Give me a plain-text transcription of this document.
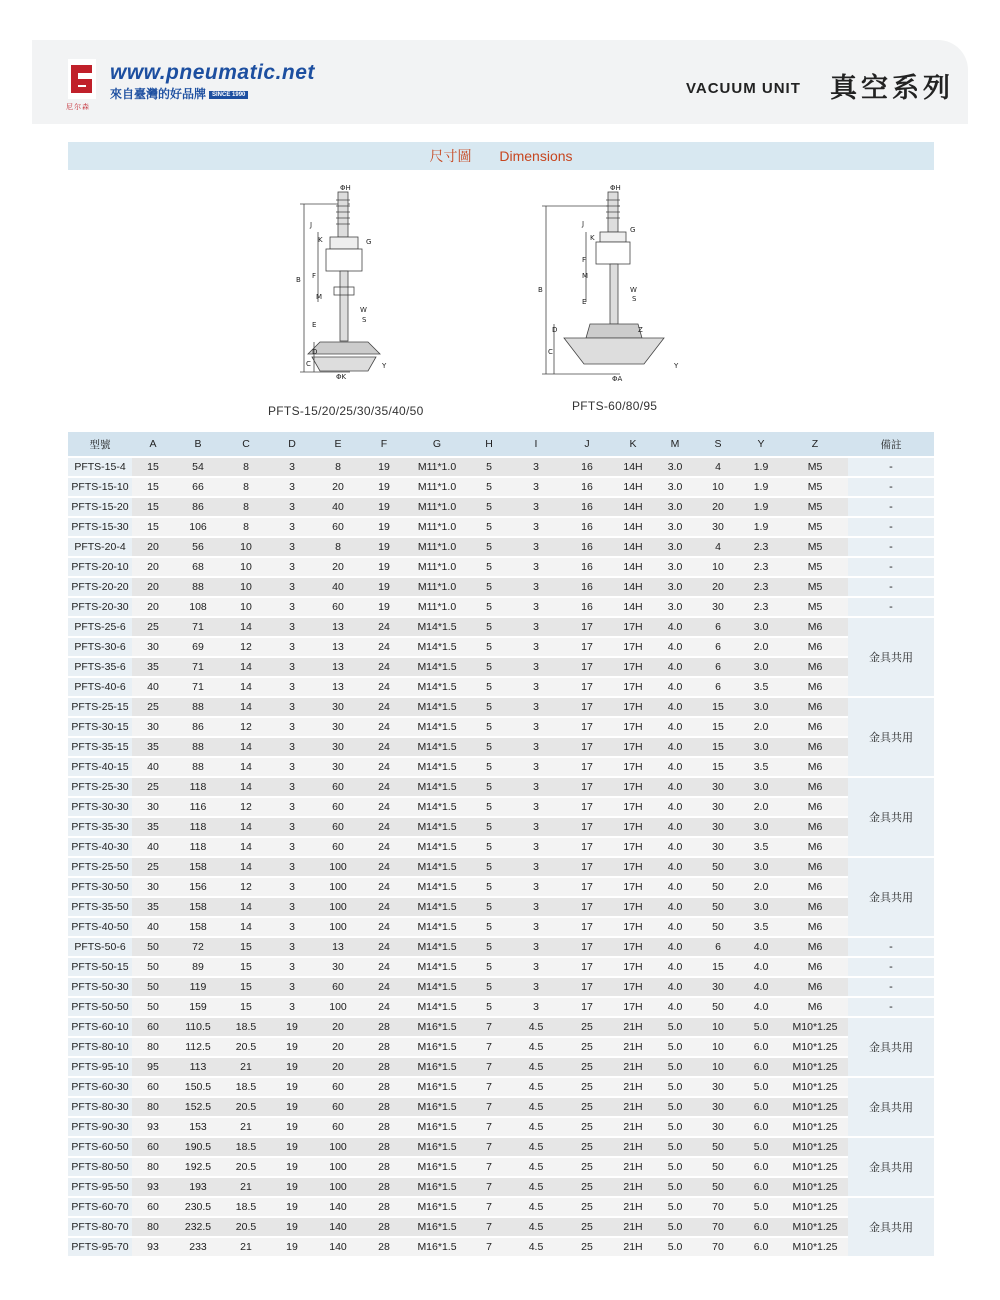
尼尔森
www.pneumatic.net
來自臺灣的好品牌 SINCE 1990	VACUUM UNIT 真空系列
尺寸圖 Dimensions
ΦH
J
K	G
B F
M
W
S
E
D
C
ΦK
Y
PFTS-15/20/25/30/35/40/50
ΦH
J
K
G
B
F
M
W
S
E
D	Z
C
ΦA
Y
PFTS-60/80/95
型號	A	B	C	D	E	F	G	H	I	J	K	M	S	Y	Z	備註
PFTS-15-4	15	54	8	3	8	19	M11*1.0	5	3	16	14H	3.0	4	1.9	M5	-
PFTS-15-10	15	66	8	3	20	19	M11*1.0	5	3	16	14H	3.0	10	1.9	M5	-
PFTS-15-20	15	86	8	3	40	19	M11*1.0	5	3	16	14H	3.0	20	1.9	M5	-
PFTS-15-30	15	106	8	3	60	19	M11*1.0	5	3	16	14H	3.0	30	1.9	M5	-
PFTS-20-4	20	56	10	3	8	19	M11*1.0	5	3	16	14H	3.0	4	2.3	M5	-
PFTS-20-10	20	68	10	3	20	19	M11*1.0	5	3	16	14H	3.0	10	2.3	M5	-
PFTS-20-20	20	88	10	3	40	19	M11*1.0	5	3	16	14H	3.0	20	2.3	M5	-
PFTS-20-30	20	108	10	3	60	19	M11*1.0	5	3	16	14H	3.0	30	2.3	M5	-
PFTS-25-6	25	71	14	3	13	24	M14*1.5	5	3	17	17H	4.0	6	3.0	M6	金具共用
PFTS-30-6	30	69	12	3	13	24	M14*1.5	5	3	17	17H	4.0	6	2.0	M6	
PFTS-35-6	35	71	14	3	13	24	M14*1.5	5	3	17	17H	4.0	6	3.0	M6	
PFTS-40-6	40	71	14	3	13	24	M14*1.5	5	3	17	17H	4.0	6	3.5	M6	
PFTS-25-15	25	88	14	3	30	24	M14*1.5	5	3	17	17H	4.0	15	3.0	M6	金具共用
PFTS-30-15	30	86	12	3	30	24	M14*1.5	5	3	17	17H	4.0	15	2.0	M6	
PFTS-35-15	35	88	14	3	30	24	M14*1.5	5	3	17	17H	4.0	15	3.0	M6	
PFTS-40-15	40	88	14	3	30	24	M14*1.5	5	3	17	17H	4.0	15	3.5	M6	
PFTS-25-30	25	118	14	3	60	24	M14*1.5	5	3	17	17H	4.0	30	3.0	M6	金具共用
PFTS-30-30	30	116	12	3	60	24	M14*1.5	5	3	17	17H	4.0	30	2.0	M6	
PFTS-35-30	35	118	14	3	60	24	M14*1.5	5	3	17	17H	4.0	30	3.0	M6	
PFTS-40-30	40	118	14	3	60	24	M14*1.5	5	3	17	17H	4.0	30	3.5	M6	
PFTS-25-50	25	158	14	3	100	24	M14*1.5	5	3	17	17H	4.0	50	3.0	M6	金具共用
PFTS-30-50	30	156	12	3	100	24	M14*1.5	5	3	17	17H	4.0	50	2.0	M6	
PFTS-35-50	35	158	14	3	100	24	M14*1.5	5	3	17	17H	4.0	50	3.0	M6	
PFTS-40-50	40	158	14	3	100	24	M14*1.5	5	3	17	17H	4.0	50	3.5	M6	
PFTS-50-6	50	72	15	3	13	24	M14*1.5	5	3	17	17H	4.0	6	4.0	M6	-
PFTS-50-15	50	89	15	3	30	24	M14*1.5	5	3	17	17H	4.0	15	4.0	M6	-
PFTS-50-30	50	119	15	3	60	24	M14*1.5	5	3	17	17H	4.0	30	4.0	M6	-
PFTS-50-50	50	159	15	3	100	24	M14*1.5	5	3	17	17H	4.0	50	4.0	M6	-
PFTS-60-10	60	110.5	18.5	19	20	28	M16*1.5	7	4.5	25	21H	5.0	10	5.0	M10*1.25	金具共用
PFTS-80-10	80	112.5	20.5	19	20	28	M16*1.5	7	4.5	25	21H	5.0	10	6.0	M10*1.25	
PFTS-95-10	95	113	21	19	20	28	M16*1.5	7	4.5	25	21H	5.0	10	6.0	M10*1.25	
PFTS-60-30	60	150.5	18.5	19	60	28	M16*1.5	7	4.5	25	21H	5.0	30	5.0	M10*1.25	金具共用
PFTS-80-30	80	152.5	20.5	19	60	28	M16*1.5	7	4.5	25	21H	5.0	30	6.0	M10*1.25	
PFTS-90-30	93	153	21	19	60	28	M16*1.5	7	4.5	25	21H	5.0	30	6.0	M10*1.25	
PFTS-60-50	60	190.5	18.5	19	100	28	M16*1.5	7	4.5	25	21H	5.0	50	5.0	M10*1.25	金具共用
PFTS-80-50	80	192.5	20.5	19	100	28	M16*1.5	7	4.5	25	21H	5.0	50	6.0	M10*1.25	
PFTS-95-50	93	193	21	19	100	28	M16*1.5	7	4.5	25	21H	5.0	50	6.0	M10*1.25	
PFTS-60-70	60	230.5	18.5	19	140	28	M16*1.5	7	4.5	25	21H	5.0	70	5.0	M10*1.25	金具共用
PFTS-80-70	80	232.5	20.5	19	140	28	M16*1.5	7	4.5	25	21H	5.0	70	6.0	M10*1.25	
PFTS-95-70	93	233	21	19	140	28	M16*1.5	7	4.5	25	21H	5.0	70	6.0	M10*1.25	
